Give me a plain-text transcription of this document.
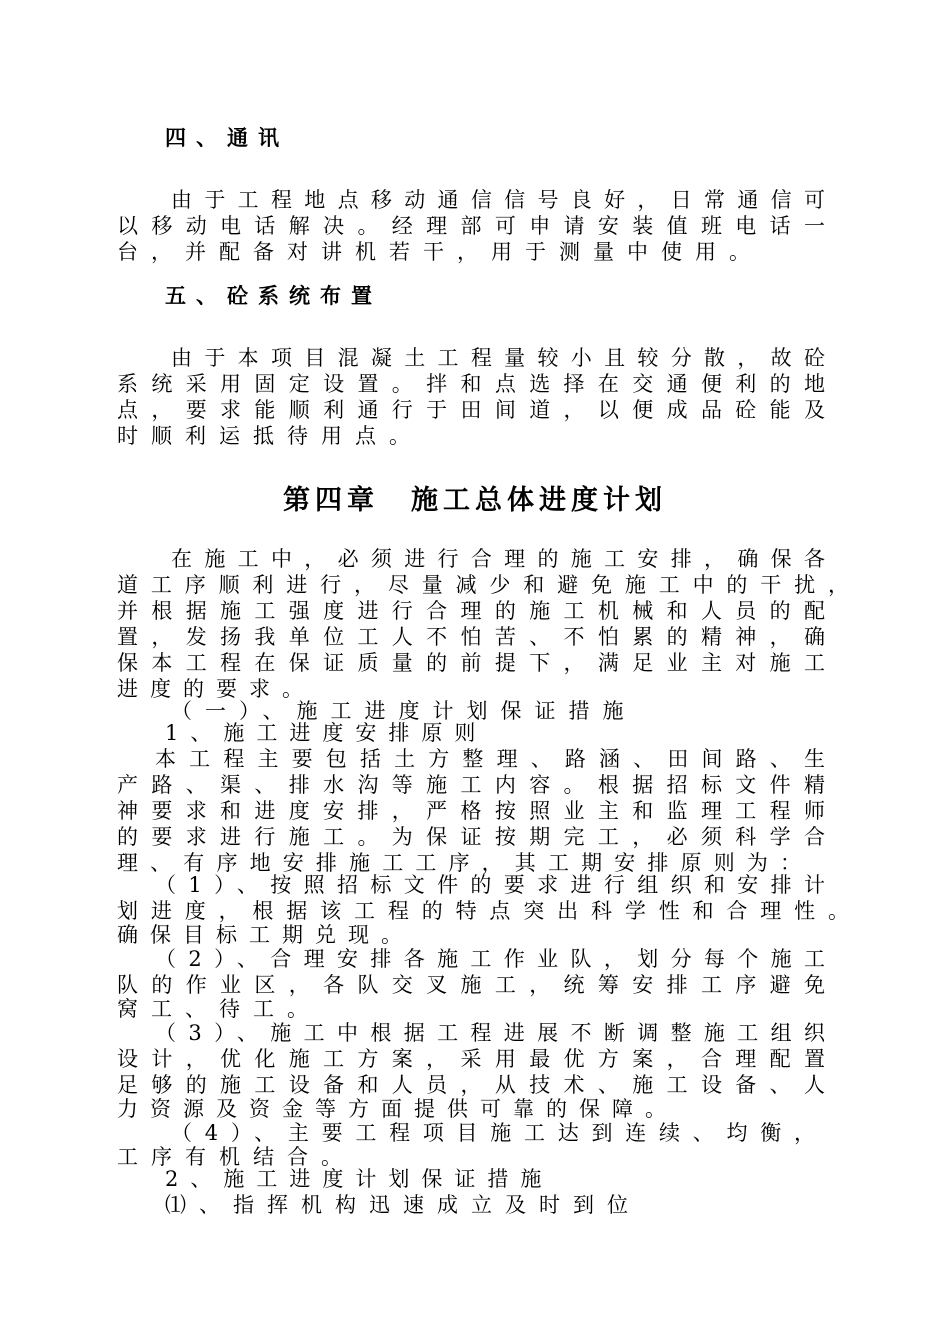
四、通讯
由于工程地点移动通信信号良好，日常通信可
以移动电话解决。经理部可申请安装值班电话一
台，并配备对讲机若干，用于测量中使用。
五、砼系统布置
由于本项目混凝土工程量较小且较分散，故砼
系统采用固定设置。拌和点选择在交通便利的地
点，要求能顺利通行于田间道，以便成品砼能及
时顺利运抵待用点。
第四章　施工总体进度计划
在施工中，必须进行合理的施工安排，确保各
道工序顺利进行，尽量减少和避免施工中的干扰，
并根据施工强度进行合理的施工机械和人员的配
置，发扬我单位工人不怕苦、不怕累的精神，确
保本工程在保证质量的前提下，满足业主对施工
进度的要求。
（一）、施工进度计划保证措施
1、施工进度安排原则
本工程主要包括土方整理、路涵、田间路、生
产路、渠、排水沟等施工内容。根据招标文件精
神要求和进度安排，严格按照业主和监理工程师
的要求进行施工。为保证按期完工，必须科学合
理、有序地安排施工工序，其工期安排原则为：
（1）、按照招标文件的要求进行组织和安排计
划进度，根据该工程的特点突出科学性和合理性。
确保目标工期兑现。
（2）、合理安排各施工作业队，划分每个施工
队的作业区，各队交叉施工，统筹安排工序避免
窝工、待工。
（3）、施工中根据工程进展不断调整施工组织
设计，优化施工方案，采用最优方案，合理配置
足够的施工设备和人员，从技术、施工设备、人
力资源及资金等方面提供可靠的保障。
（4）、主要工程项目施工达到连续、均衡，
工序有机结合。
2、施工进度计划保证措施
⑴、指挥机构迅速成立及时到位
